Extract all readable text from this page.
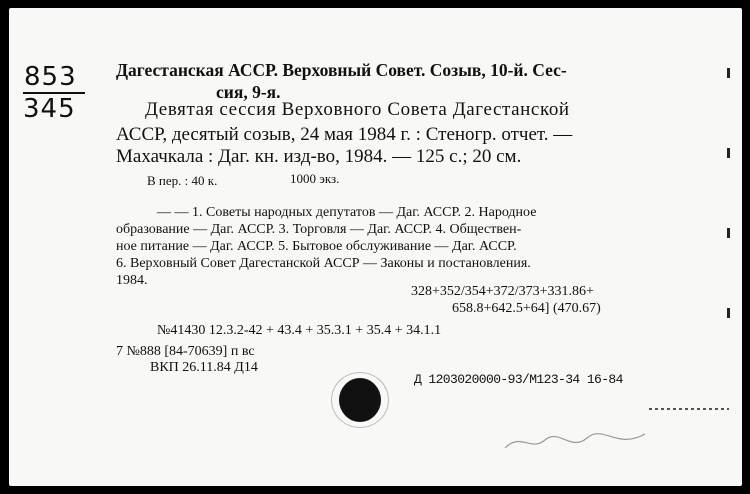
853
345
Дагестанская АССР. Верховный Совет. Созыв, 10-й. Сес-
сия, 9-я.
Девятая сессия Верховного Совета Дагестанской
АССР, десятый созыв, 24 мая 1984 г. : Стеногр. отчет. —
Махачкала : Даг. кн. изд-во, 1984. — 125 с.; 20 см.
В пер. : 40 к.	1000 экз.
— — 1. Советы народных депутатов — Даг. АССР. 2. Народное
образование — Даг. АССР. 3. Торговля — Даг. АССР. 4. Обществен-
ное питание — Даг. АССР. 5. Бытовое обслуживание — Даг. АССР.
6. Верховный Совет Дагестанской АССР — Законы и постановления.
1984.
328+352/354+372/373+331.86+
658.8+642.5+64] (470.67)
№41430 12.3.2-42 + 43.4 + 35.3.1 + 35.4 + 34.1.1
7 №888 [84-70639] п вс
ВКП 26.11.84 Д14
Д 1203020000-93/М123-34 16-84
